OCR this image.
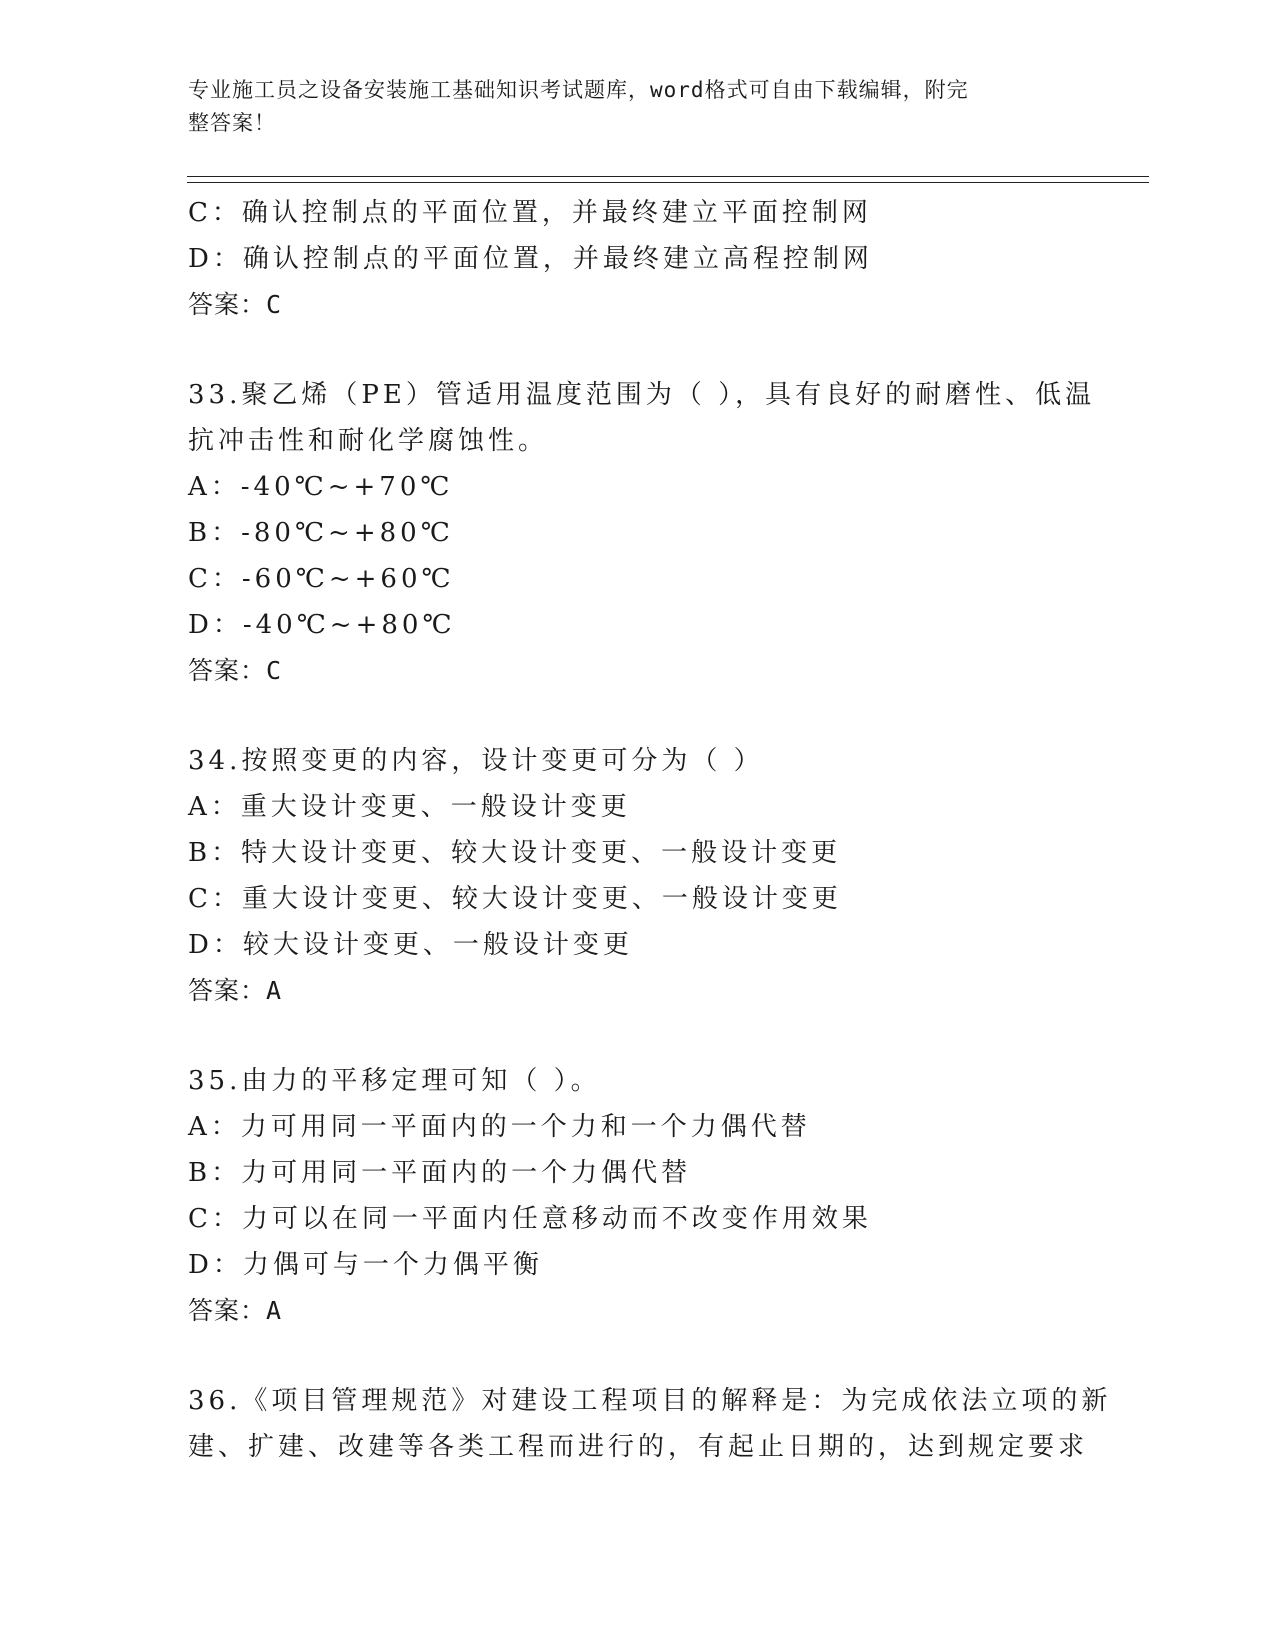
专业施工员之设备安装施工基础知识考试题库，word格式可自由下载编辑，附完
整答案！
C：确认控制点的平面位置，并最终建立平面控制网
D：确认控制点的平面位置，并最终建立高程控制网
答案：C
33.聚乙烯（PE）管适用温度范围为（ ），具有良好的耐磨性、低温
抗冲击性和耐化学腐蚀性。
A：-40℃~+70℃
B：-80℃~+80℃
C：-60℃~+60℃
D：-40℃~+80℃
答案：C
34.按照变更的内容，设计变更可分为（ ）
A：重大设计变更、一般设计变更
B：特大设计变更、较大设计变更、一般设计变更
C：重大设计变更、较大设计变更、一般设计变更
D：较大设计变更、一般设计变更
答案：A
35.由力的平移定理可知（ ）。
A：力可用同一平面内的一个力和一个力偶代替
B：力可用同一平面内的一个力偶代替
C：力可以在同一平面内任意移动而不改变作用效果
D：力偶可与一个力偶平衡
答案：A
36.《项目管理规范》对建设工程项目的解释是：为完成依法立项的新
建、扩建、改建等各类工程而进行的，有起止日期的，达到规定要求
